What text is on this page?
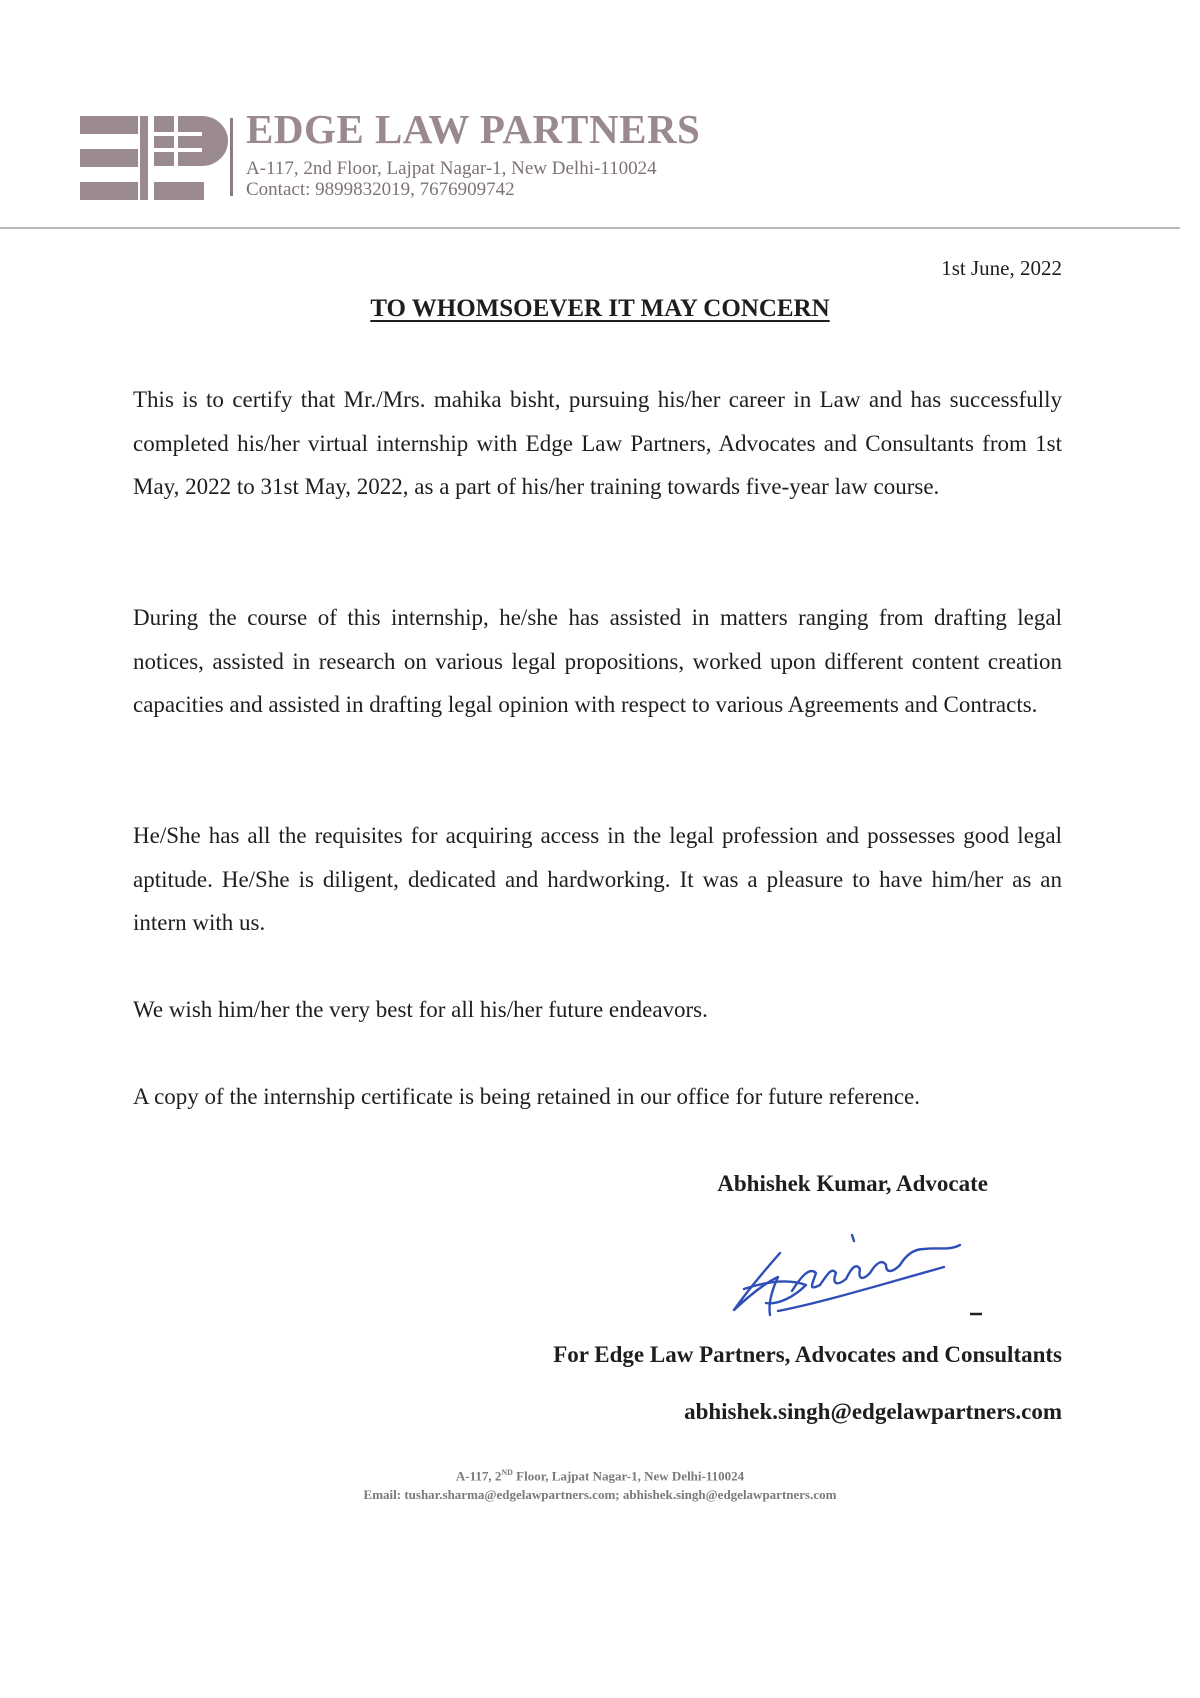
EDGE LAW PARTNERS
A-117, 2nd Floor, Lajpat Nagar-1, New Delhi-110024
Contact: 9899832019, 7676909742
1st June, 2022
TO WHOMSOEVER IT MAY CONCERN

This is to certify that Mr./Mrs. mahika bisht, pursuing his/her career in Law and has successfully completed his/her virtual internship with Edge Law Partners, Advocates and Consultants from 1st May, 2022 to 31st May, 2022, as a part of his/her training towards five-year law course.

During the course of this internship, he/she has assisted in matters ranging from drafting legal notices, assisted in research on various legal propositions, worked upon different content creation capacities and assisted in drafting legal opinion with respect to various Agreements and Contracts.

He/She has all the requisites for acquiring access in the legal profession and possesses good legal aptitude. He/She is diligent, dedicated and hardworking. It was a pleasure to have him/her as an intern with us.

We wish him/her the very best for all his/her future endeavors.

A copy of the internship certificate is being retained in our office for future reference.

Abhishek Kumar, Advocate
For Edge Law Partners, Advocates and Consultants
abhishek.singh@edgelawpartners.com
A-117, 2ND Floor, Lajpat Nagar-1, New Delhi-110024
Email: tushar.sharma@edgelawpartners.com; abhishek.singh@edgelawpartners.com
